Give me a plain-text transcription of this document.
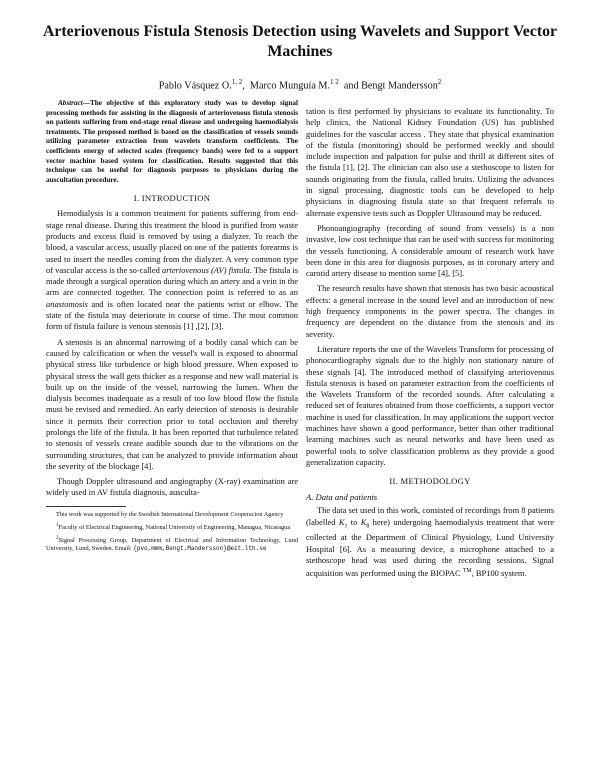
Arteriovenous Fistula Stenosis Detection using Wavelets and Support Vector Machines
Pablo Vásquez O.$^{1, 2}$,  Marco Munguía M.$^{1 2}$ and Bengt Mandersson$^2$

Abstract—The objective of this exploratory study was to develop signal processing methods for assisting in the diagnosis of arteriovenous fistula stenosis on patients suffering from end-stage renal disease and undergoing haemodialysis treatments. The proposed method is based on the classification of vessels sounds utilizing parameter extraction from wavelets transform coefficients. The coefficients energy of selected scales (frequency bands) were fed to a support vector machine based system for classification. Results suggested that this technique can be useful for diagnosis purposes to physicians during the auscultation procedure.

I. INTRODUCTION

Hemodialysis is a common treatment for patients suffering from end-stage renal disease. During this treatment the blood is purified from waste products and excess fluid is removed by using a dialyzer. To reach the blood, a vascular access, usually placed on one of the patients forearms is used to insert the needles coming from the dialyzer. A very common type of vascular access is the so-called arteriovenous (AV) fistula. The fistula is made through a surgical operation during which an artery and a vein in the arm are connected together. The connection point is referred to as an anastomosis and is often located near the patients wrist or elbow. The state of the fistula may deteriorate in course of time. The most common form of fistula failure is venous stenosis [1] ,[2], [3].

A stenosis is an abnormal narrowing of a bodily canal which can be caused by calcification or when the vessel's wall is exposed to abnormal physical stress like turbulence or high blood pressure. When exposed to physical stress the wall gets thicker as a response and new wall material is built up on the inside of the vessel, narrowing the lumen. When the dialysis becomes inadequate as a result of too low blood flow the fistula must be revised and remedied. An early detection of stenosis is desirable since it permits their correction prior to total occlusion and thereby prolongs the life of the fistula. It has been reported that turbulence related to stenosis of vessels create audible sounds due to the vibrations on the surrounding structures, that can be analyzed to provide information about the severity of the blockage [4].

Though Doppler ultrasound and angiography (X-ray) examination are widely used in AV fistula diagnosis, ausculta-

This work was supported by the Swedish International Development Cooperacion Agency

$^1$Faculty of Electrical Engineering, National University of Engineering, Managua, Nicaragua

$^2$Signal Processing Group, Department of Electrical and Information Technology, Lund University, Lund, Sweden. Email: {pvo,mmm,Bengt.Mandersson}@eit.lth.se

tation is first performed by physicians to evaluate its functionality. To help clinics, the National Kidney Foundation (US) has published guidelines for the vascular access . They state that physical examination of the fistula (monitoring) should be performed weekly and should include inspection and palpation for pulse and thrill at different sites of the fistula [1], [2]. The clinician can also use a stethoscope to listen for sounds originating from the fistula, called bruits. Utilizing the advances in signal processing, diagnostic tools can be developed to help physicians in diagnosing fistula state so that frequent referrals to alternate expensive tests such as Doppler Ultrasound may be reduced.

Phonoangiography (recording of sound from vessels) is a non invasive, low cost technique that can be used with success for monitoring the vessels functioning. A considerable amount of research work have been done in this area for diagnosis purposes, as in coronary artery and carotid artery disease to mention some [4], [5].

The research results have shown that stenosis has two basic acoustical effects: a general increase in the sound level and an introduction of new high frequency components in the power spectra. The changes in frequency are dependent on the distance from the stenosis and its severity.

Literature reports the use of the Wavelets Transform for processing of phonocardiography signals due to the highly non stationary nature of these signals [4]. The introduced method of classifying arteriovenous fistula stenosis is based on parameter extraction from the coefficients of the Wavelets Transform of the recorded sounds. After calculating a reduced set of features obtained from those coefficients, a support vector machine is used for classification. In may applications the support vector machines have shown a good performance, better than other traditional learning machines such as neural networks and have been used as powerful tools to solve classification problems as they provide a good generalization capacity.

II. METHODOLOGY
A. Data and patients

The data set used in this work, consisted of recordings from 8 patients (labelled $K_1$ to $K_8$ here) undergoing haemodialysis treatment that were collected at the Department of Clinical Physiology, Lund University Hospital [6]. As a measuring device, a microphone attached to a stethoscope head was used during the recording sessions. Signal acquisition was performed using the BIOPAC ™, BP100 system.
